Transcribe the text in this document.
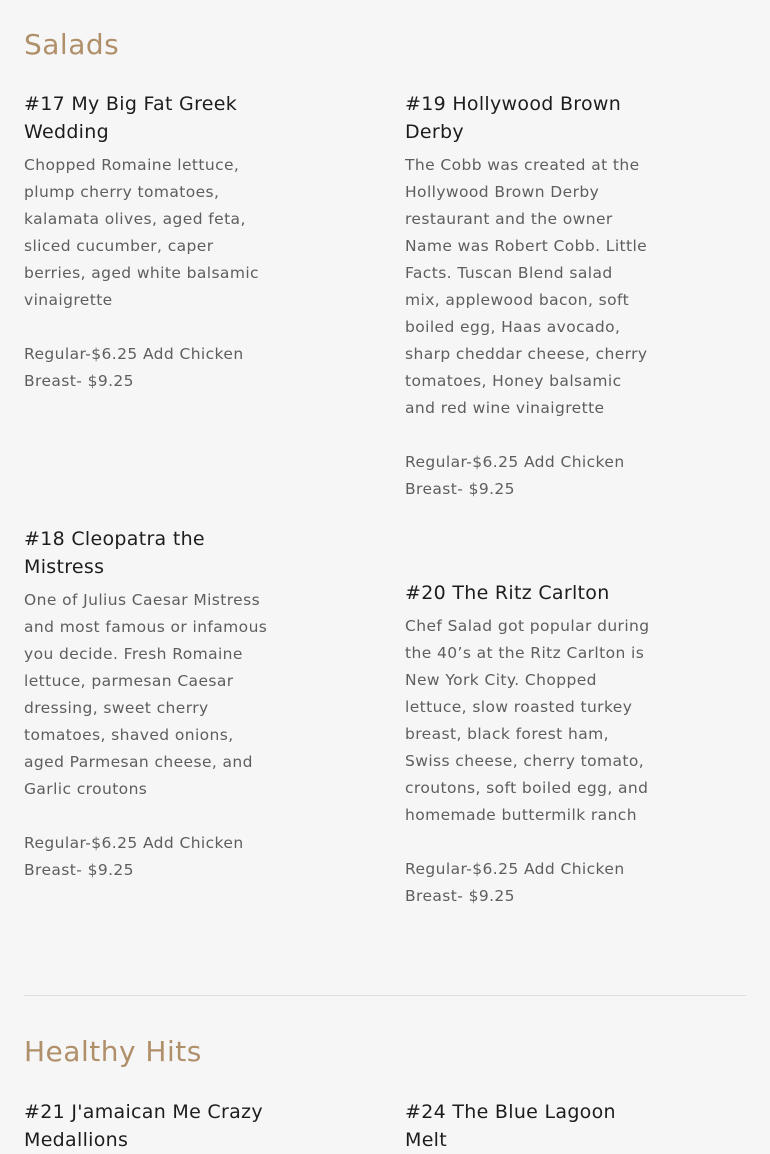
Salads
#17 My Big Fat Greek Wedding

Chopped Romaine lettuce, plump cherry tomatoes, kalamata olives, aged feta, sliced cucumber, caper berries, aged white balsamic vinaigrette

Regular-$6.25 Add Chicken Breast- $9.25

#19 Hollywood Brown Derby

The Cobb was created at the Hollywood Brown Derby restaurant and the owner Name was Robert Cobb. Little Facts. Tuscan Blend salad mix, applewood bacon, soft boiled egg, Haas avocado, sharp cheddar cheese, cherry tomatoes, Honey balsamic and red wine vinaigrette

Regular-$6.25 Add Chicken Breast- $9.25

#18 Cleopatra the Mistress

One of Julius Caesar Mistress and most famous or infamous you decide. Fresh Romaine lettuce, parmesan Caesar dressing, sweet cherry tomatoes, shaved onions, aged Parmesan cheese, and Garlic croutons

Regular-$6.25 Add Chicken Breast- $9.25

#20 The Ritz Carlton

Chef Salad got popular during the 40’s at the Ritz Carlton is New York City. Chopped lettuce, slow roasted turkey breast, black forest ham, Swiss cheese, cherry tomato, croutons, soft boiled egg, and homemade buttermilk ranch

Regular-$6.25 Add Chicken Breast- $9.25

Healthy Hits
#21 J'amaican Me Crazy Medallions
#24 The Blue Lagoon Melt
